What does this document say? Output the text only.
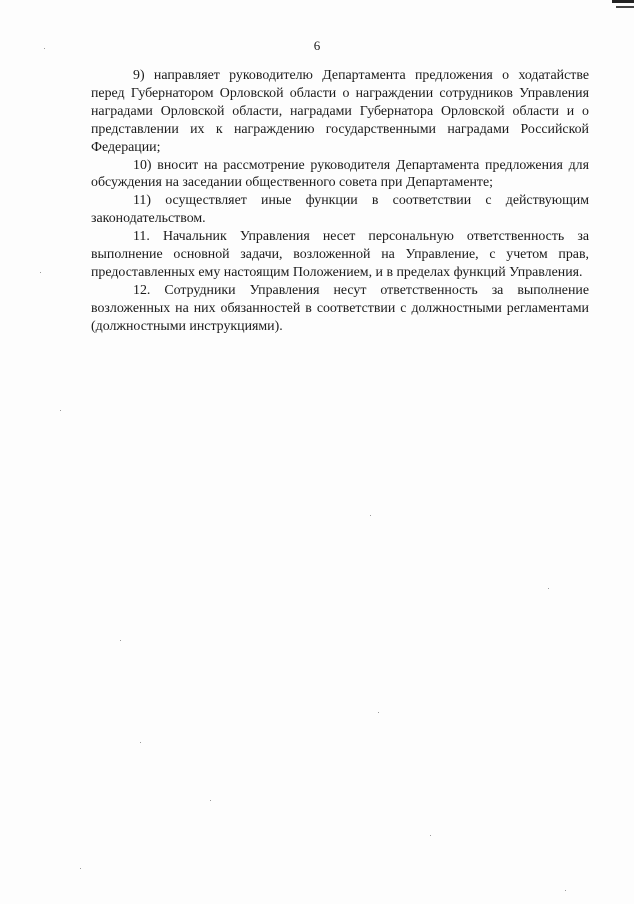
6

9) направляет руководителю Департамента предложения о ходатайстве перед Губернатором Орловской области о награждении сотрудников Управления наградами Орловской области, наградами Губернатора Орловской области и о представлении их к награждению государственными наградами Российской Федерации;

10) вносит на рассмотрение руководителя Департамента предложения для обсуждения на заседании общественного совета при Департаменте;

11) осуществляет иные функции в соответствии с действующим законодательством.

11. Начальник Управления несет персональную ответственность за выполнение основной задачи, возложенной на Управление, с учетом прав, предоставленных ему настоящим Положением, и в пределах функций Управления.

12. Сотрудники Управления несут ответственность за выполнение возложенных на них обязанностей в соответствии с должностными регламентами (должностными инструкциями).
